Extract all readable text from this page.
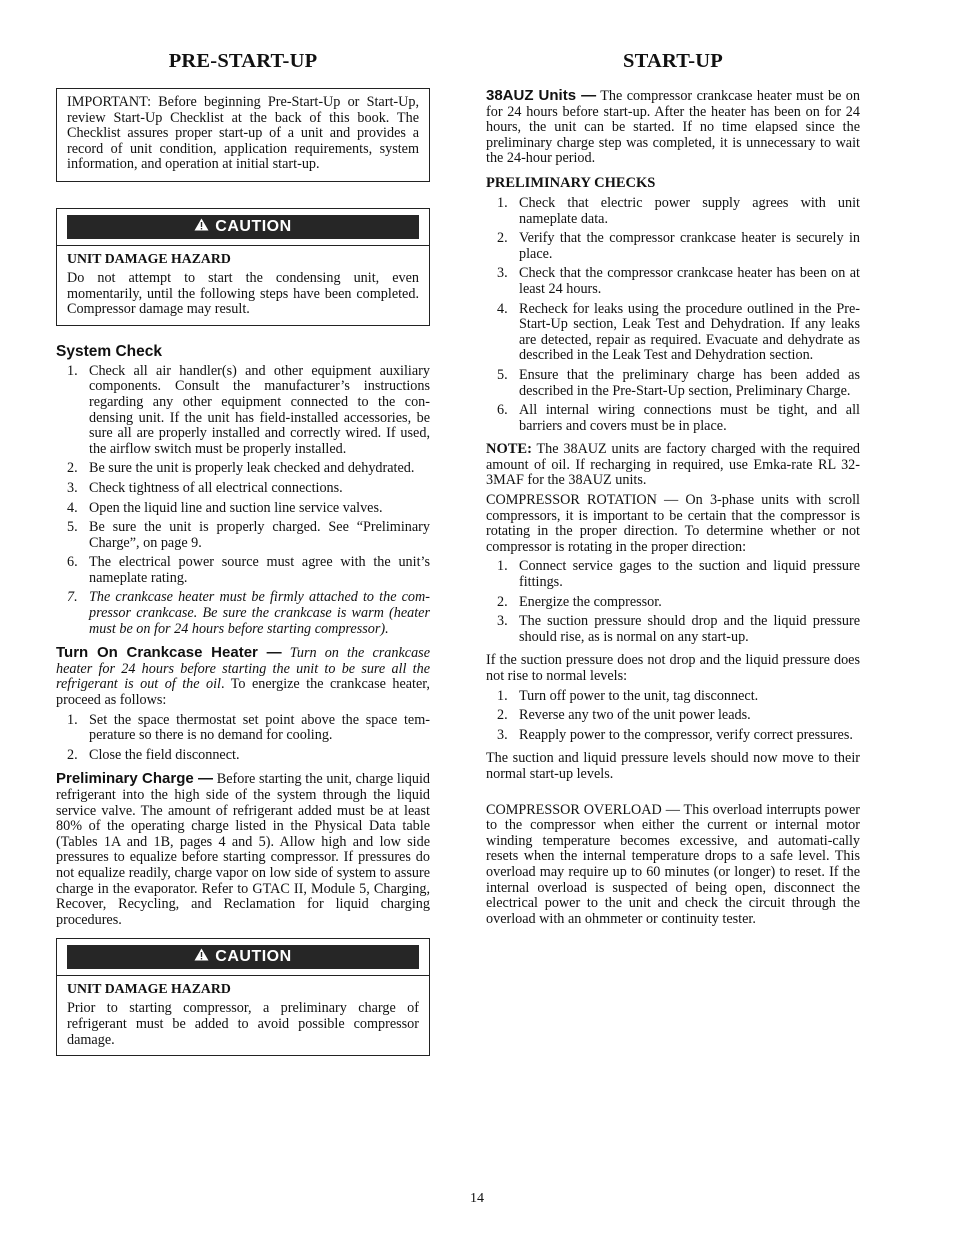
PRE-START-UP

IMPORTANT: Before beginning Pre-Start-Up or Start-Up, review Start-Up Checklist at the back of this book. The Checklist assures proper start-up of a unit and provides a record of unit condition, application requirements, system information, and operation at initial start-up.

CAUTION
UNIT DAMAGE HAZARD

Do not attempt to start the condensing unit, even momentarily, until the following steps have been completed. Compressor damage may result.

System Check
1. Check all air handler(s) and other equipment auxiliary components. Consult the manufacturer’s instructions regarding any other equipment connected to the con-densing unit. If the unit has field-installed accessories, be sure all are properly installed and correctly wired. If used, the airflow switch must be properly installed.
2. Be sure the unit is properly leak checked and dehydrated.
3. Check tightness of all electrical connections.
4. Open the liquid line and suction line service valves.
5. Be sure the unit is properly charged. See “Preliminary Charge”, on page 9.
6. The electrical power source must agree with the unit’s nameplate rating.
7. The crankcase heater must be firmly attached to the com-pressor crankcase. Be sure the crankcase is warm (heater must be on for 24 hours before starting compressor).

Turn On Crankcase Heater — Turn on the crankcase heater for 24 hours before starting the unit to be sure all the refrigerant is out of the oil. To energize the crankcase heater, proceed as follows:

1. Set the space thermostat set point above the space tem-perature so there is no demand for cooling.
2. Close the field disconnect.

Preliminary Charge — Before starting the unit, charge liquid refrigerant into the high side of the system through the liquid service valve. The amount of refrigerant added must be at least 80% of the operating charge listed in the Physical Data table (Tables 1A and 1B, pages 4 and 5). Allow high and low side pressures to equalize before starting compressor. If pressures do not equalize readily, charge vapor on low side of system to assure charge in the evaporator. Refer to GTAC II, Module 5, Charging, Recover, Recycling, and Reclamation for liquid charging procedures.

CAUTION
UNIT DAMAGE HAZARD

Prior to starting compressor, a preliminary charge of refrigerant must be added to avoid possible compressor damage.

START-UP

38AUZ Units — The compressor crankcase heater must be on for 24 hours before start-up. After the heater has been on for 24 hours, the unit can be started. If no time elapsed since the preliminary charge step was completed, it is unnecessary to wait the 24-hour period.

PRELIMINARY CHECKS
1. Check that electric power supply agrees with unit nameplate data.
2. Verify that the compressor crankcase heater is securely in place.
3. Check that the compressor crankcase heater has been on at least 24 hours.
4. Recheck for leaks using the procedure outlined in the Pre-Start-Up section, Leak Test and Dehydration. If any leaks are detected, repair as required. Evacuate and dehydrate as described in the Leak Test and Dehydration section.
5. Ensure that the preliminary charge has been added as described in the Pre-Start-Up section, Preliminary Charge.
6. All internal wiring connections must be tight, and all barriers and covers must be in place.

NOTE: The 38AUZ units are factory charged with the required amount of oil. If recharging in required, use Emka-rate RL 32-3MAF for the 38AUZ units.

COMPRESSOR ROTATION — On 3-phase units with scroll compressors, it is important to be certain that the compressor is rotating in the proper direction. To determine whether or not compressor is rotating in the proper direction:

1. Connect service gages to the suction and liquid pressure fittings.
2. Energize the compressor.
3. The suction pressure should drop and the liquid pressure should rise, as is normal on any start-up.

If the suction pressure does not drop and the liquid pressure does not rise to normal levels:

1. Turn off power to the unit, tag disconnect.
2. Reverse any two of the unit power leads.
3. Reapply power to the compressor, verify correct pressures.

The suction and liquid pressure levels should now move to their normal start-up levels.

COMPRESSOR OVERLOAD — This overload interrupts power to the compressor when either the current or internal motor winding temperature becomes excessive, and automati-cally resets when the internal temperature drops to a safe level. This overload may require up to 60 minutes (or longer) to reset. If the internal overload is suspected of being open, disconnect the electrical power to the unit and check the circuit through the overload with an ohmmeter or continuity tester.

14
